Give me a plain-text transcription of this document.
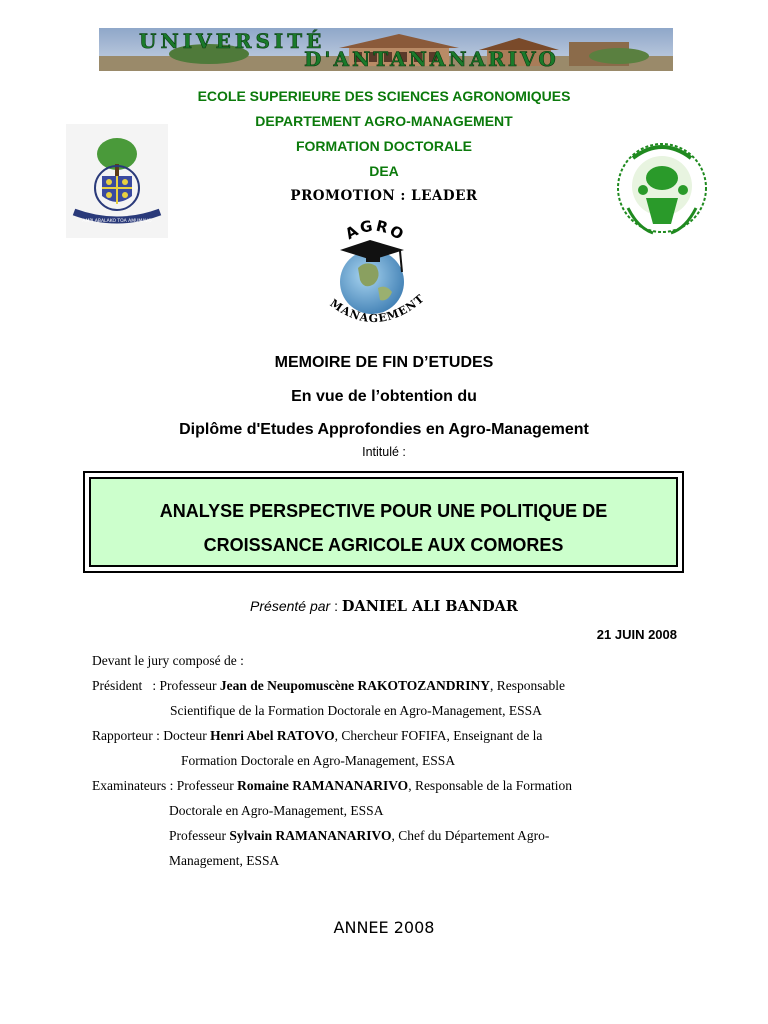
UNIVERSITÉ
D'ANTANANARIVO
AMPI ABALAKO TOA AMUMAVO
ECOLE SUPERIEURE DES SCIENCES AGRONOMIQUES
DEPARTEMENT AGRO-MANAGEMENT
FORMATION DOCTORALE
DEA
PROMOTION : LEADER
AGRO
MANAGEMENT
MEMOIRE DE FIN D’ETUDES
En vue de l’obtention du
Diplôme d'Etudes Approfondies en Agro-Management
Intitulé :
ANALYSE PERSPECTIVE POUR UNE POLITIQUE DE
CROISSANCE AGRICOLE AUX COMORES
Présenté par : DANIEL ALI BANDAR
21 JUIN 2008
Devant le jury composé de :
Président   : Professeur Jean de Neupomuscène RAKOTOZANDRINY, Responsable
Scientifique de la Formation Doctorale en Agro-Management, ESSA
Rapporteur : Docteur Henri Abel RATOVO, Chercheur FOFIFA, Enseignant de la
Formation Doctorale en Agro-Management, ESSA
Examinateurs : Professeur Romaine RAMANANARIVO, Responsable de la Formation
Doctorale en Agro-Management, ESSA
Professeur Sylvain RAMANANARIVO, Chef du Département Agro-
Management, ESSA
ANNEE 2008
